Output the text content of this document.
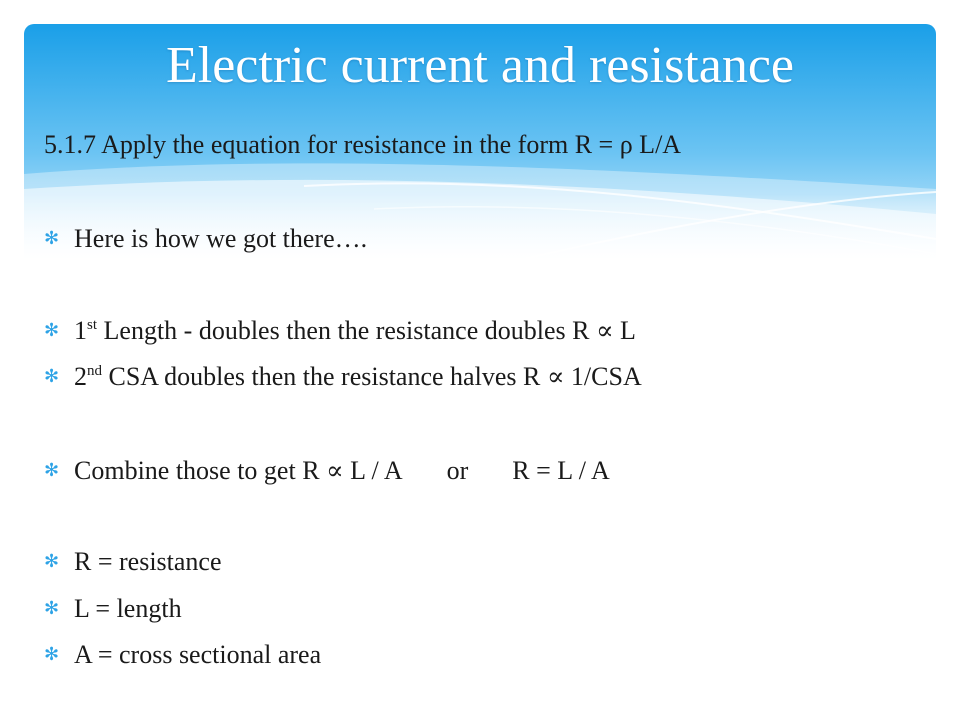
Electric current and resistance
5.1.7 Apply the equation for resistance in the form R = ρ L/A
✻ Here is how we got there….
✻ 1st Length - doubles then the resistance doubles R ∝ L
✻ 2nd CSA doubles then the resistance halves R ∝ 1/CSA
✻ Combine those to get R ∝ L / A or R = L / A
✻ R = resistance
✻ L = length
✻ A = cross sectional area
